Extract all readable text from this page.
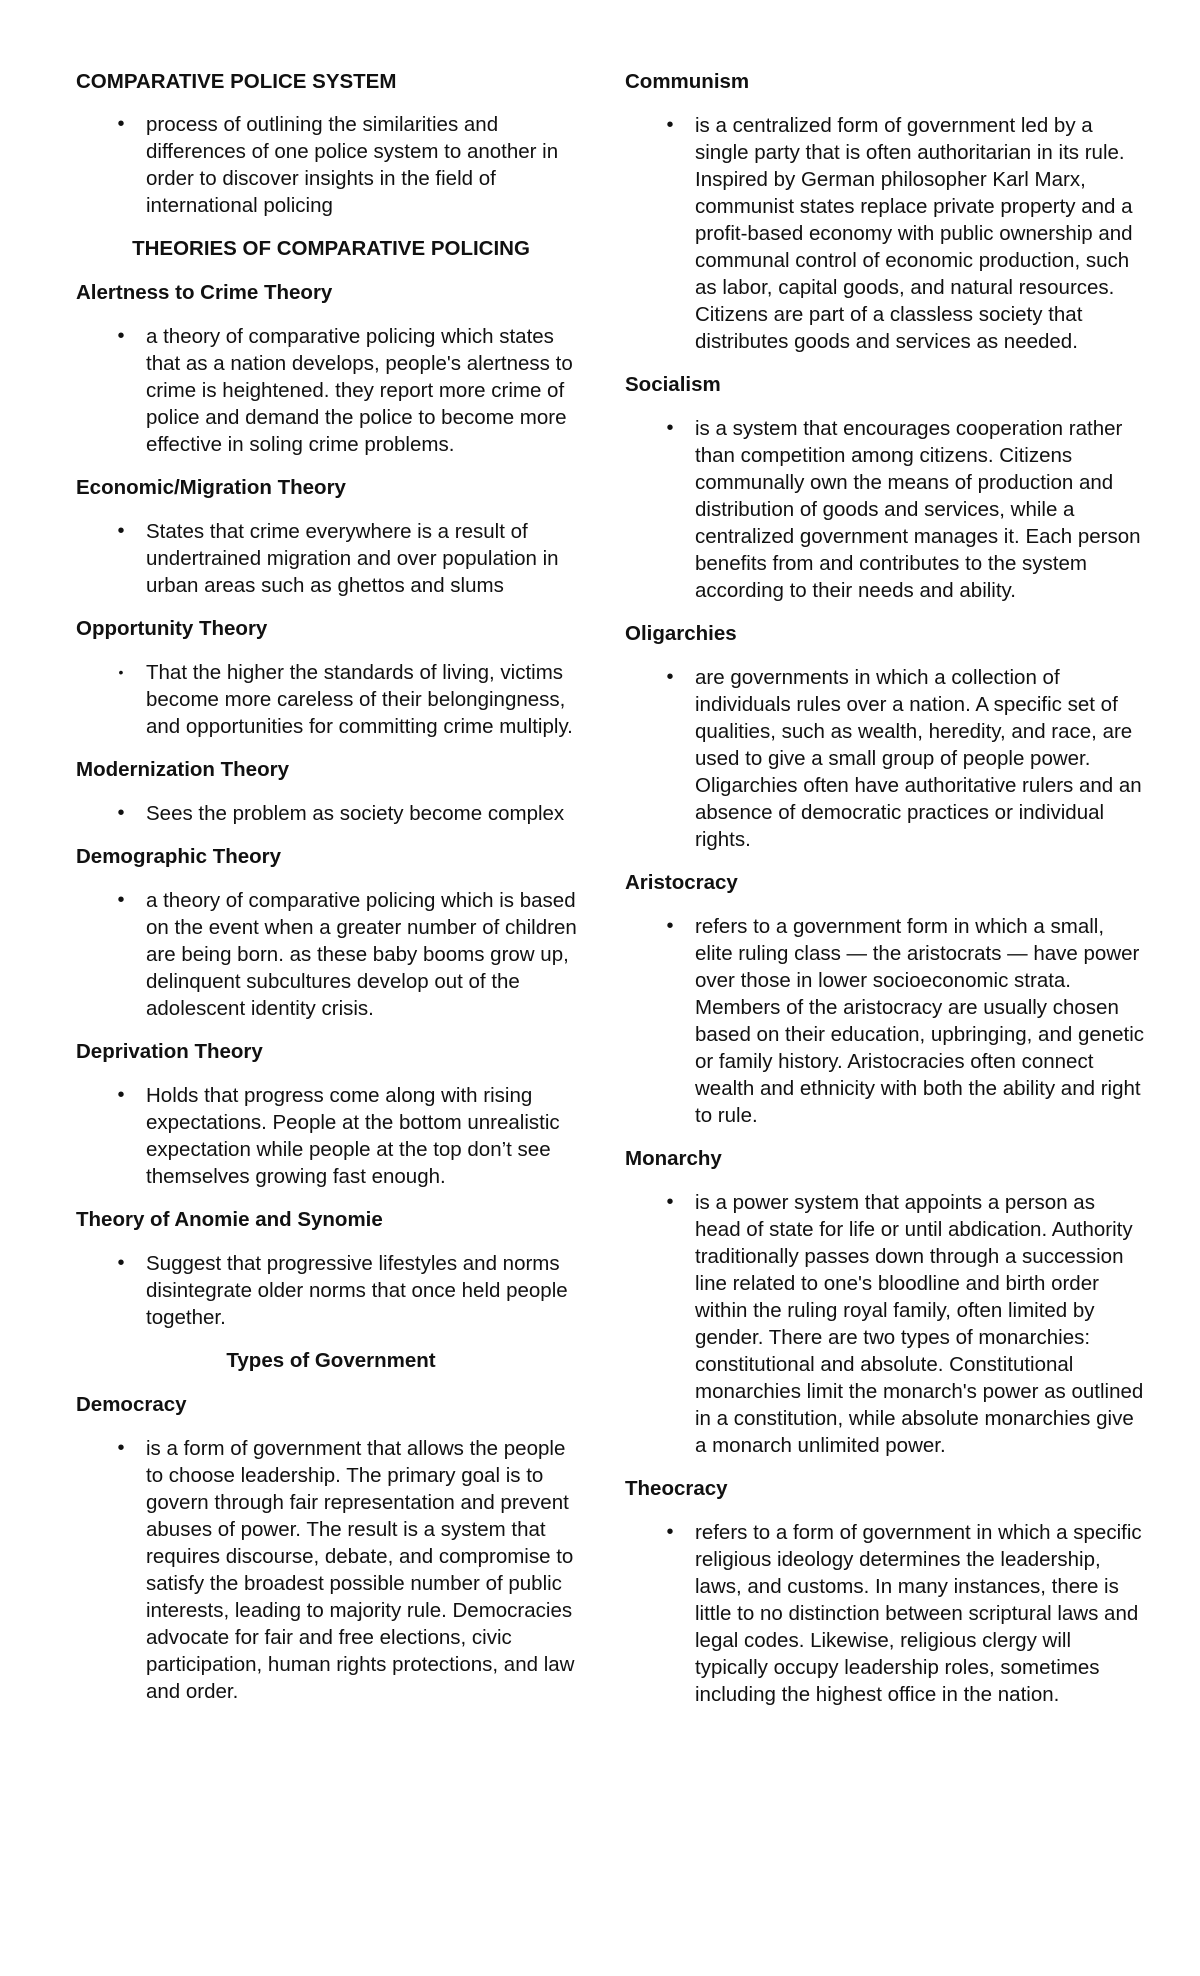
COMPARATIVE POLICE SYSTEM
•	process of outlining the similarities and differences of one police system to another in order to discover insights in the field of international policing
THEORIES OF COMPARATIVE POLICING
Alertness to Crime Theory
•	a theory of comparative policing which states that as a nation develops, people's alertness to crime is heightened. they report more crime of police and demand the police to become more effective in soling crime problems.
Economic/Migration Theory
•	States that crime everywhere is a result of undertrained migration and over population in urban areas such as ghettos and slums
Opportunity Theory
•	That the higher the standards of living, victims become more careless of their belongingness, and opportunities for committing crime multiply.
Modernization Theory
•	Sees the problem as society become complex
Demographic Theory
•	a theory of comparative policing which is based on the event when a greater number of children are being born. as these baby booms grow up, delinquent subcultures develop out of the adolescent identity crisis.
Deprivation Theory
•	Holds that progress come along with rising expectations. People at the bottom unrealistic expectation while people at the top don’t see themselves growing fast enough.
Theory of Anomie and Synomie
•	Suggest that progressive lifestyles and norms disintegrate older norms that once held people together.
Types of Government
Democracy
•	is a form of government that allows the people to choose leadership. The primary goal is to govern through fair representation and prevent abuses of power. The result is a system that requires discourse, debate, and compromise to satisfy the broadest possible number of public interests, leading to majority rule. Democracies advocate for fair and free elections, civic participation, human rights protections, and law and order.
Communism
•	is a centralized form of government led by a single party that is often authoritarian in its rule. Inspired by German philosopher Karl Marx, communist states replace private property and a profit-based economy with public ownership and communal control of economic production, such as labor, capital goods, and natural resources. Citizens are part of a classless society that distributes goods and services as needed.
Socialism
•	is a system that encourages cooperation rather than competition among citizens. Citizens communally own the means of production and distribution of goods and services, while a centralized government manages it. Each person benefits from and contributes to the system according to their needs and ability.
Oligarchies
•	are governments in which a collection of individuals rules over a nation. A specific set of qualities, such as wealth, heredity, and race, are used to give a small group of people power. Oligarchies often have authoritative rulers and an absence of democratic practices or individual rights.
Aristocracy
•	refers to a government form in which a small, elite ruling class — the aristocrats — have power over those in lower socioeconomic strata. Members of the aristocracy are usually chosen based on their education, upbringing, and genetic or family history. Aristocracies often connect wealth and ethnicity with both the ability and right to rule.
Monarchy
•	is a power system that appoints a person as head of state for life or until abdication. Authority traditionally passes down through a succession line related to one's bloodline and birth order within the ruling royal family, often limited by gender. There are two types of monarchies: constitutional and absolute. Constitutional monarchies limit the monarch's power as outlined in a constitution, while absolute monarchies give a monarch unlimited power.
Theocracy
•	refers to a form of government in which a specific religious ideology determines the leadership, laws, and customs. In many instances, there is little to no distinction between scriptural laws and legal codes. Likewise, religious clergy will typically occupy leadership roles, sometimes including the highest office in the nation.
